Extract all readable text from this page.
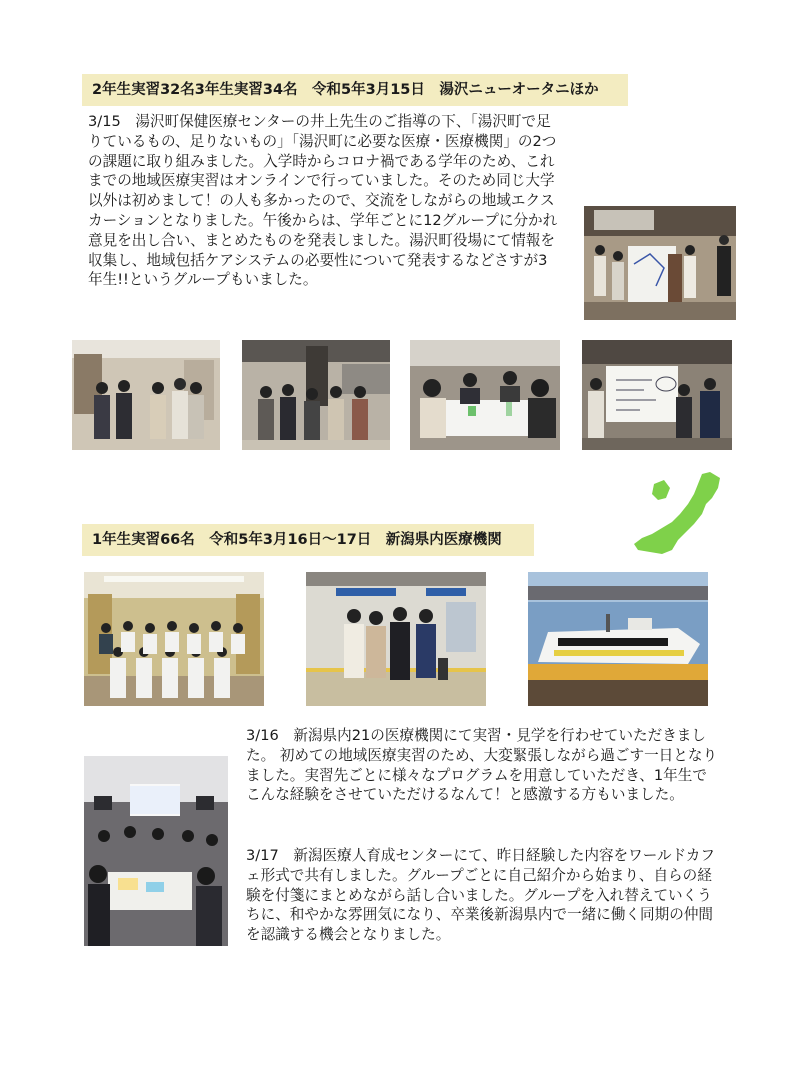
2年生実習32名3年生実習34名　令和5年3月15日　湯沢ニューオータニほか
3/15　湯沢町保健医療センターの井上先生のご指導の下、「湯沢町で足りているもの、足りないもの」「湯沢町に必要な医療・医療機関」の2つの課題に取り組みました。入学時からコロナ禍である学年のため、これまでの地域医療実習はオンラインで行っていました。そのため同じ大学以外は初めまして！の人も多かったので、交流をしながらの地域エクスカーションとなりました。午後からは、学年ごとに12グループに分かれ意見を出し合い、まとめたものを発表しました。湯沢町役場にて情報を収集し、地域包括ケアシステムの必要性について発表するなどさすが3年生!!というグループもいました。
1年生実習66名　令和5年3月16日～17日　新潟県内医療機関
3/16　新潟県内21の医療機関にて実習・見学を行わせていただきました。 初めての地域医療実習のため、大変緊張しながら過ごす一日となりました。実習先ごとに様々なプログラムを用意していただき、1年生でこんな経験をさせていただけるなんて！と感激する方もいました。
3/17　新潟医療人育成センターにて、昨日経験した内容をワールドカフェ形式で共有しました。グループごとに自己紹介から始まり、自らの経験を付箋にまとめながら話し合いました。グループを入れ替えていくうちに、和やかな雰囲気になり、卒業後新潟県内で一緒に働く同期の仲間を認識する機会となりました。
